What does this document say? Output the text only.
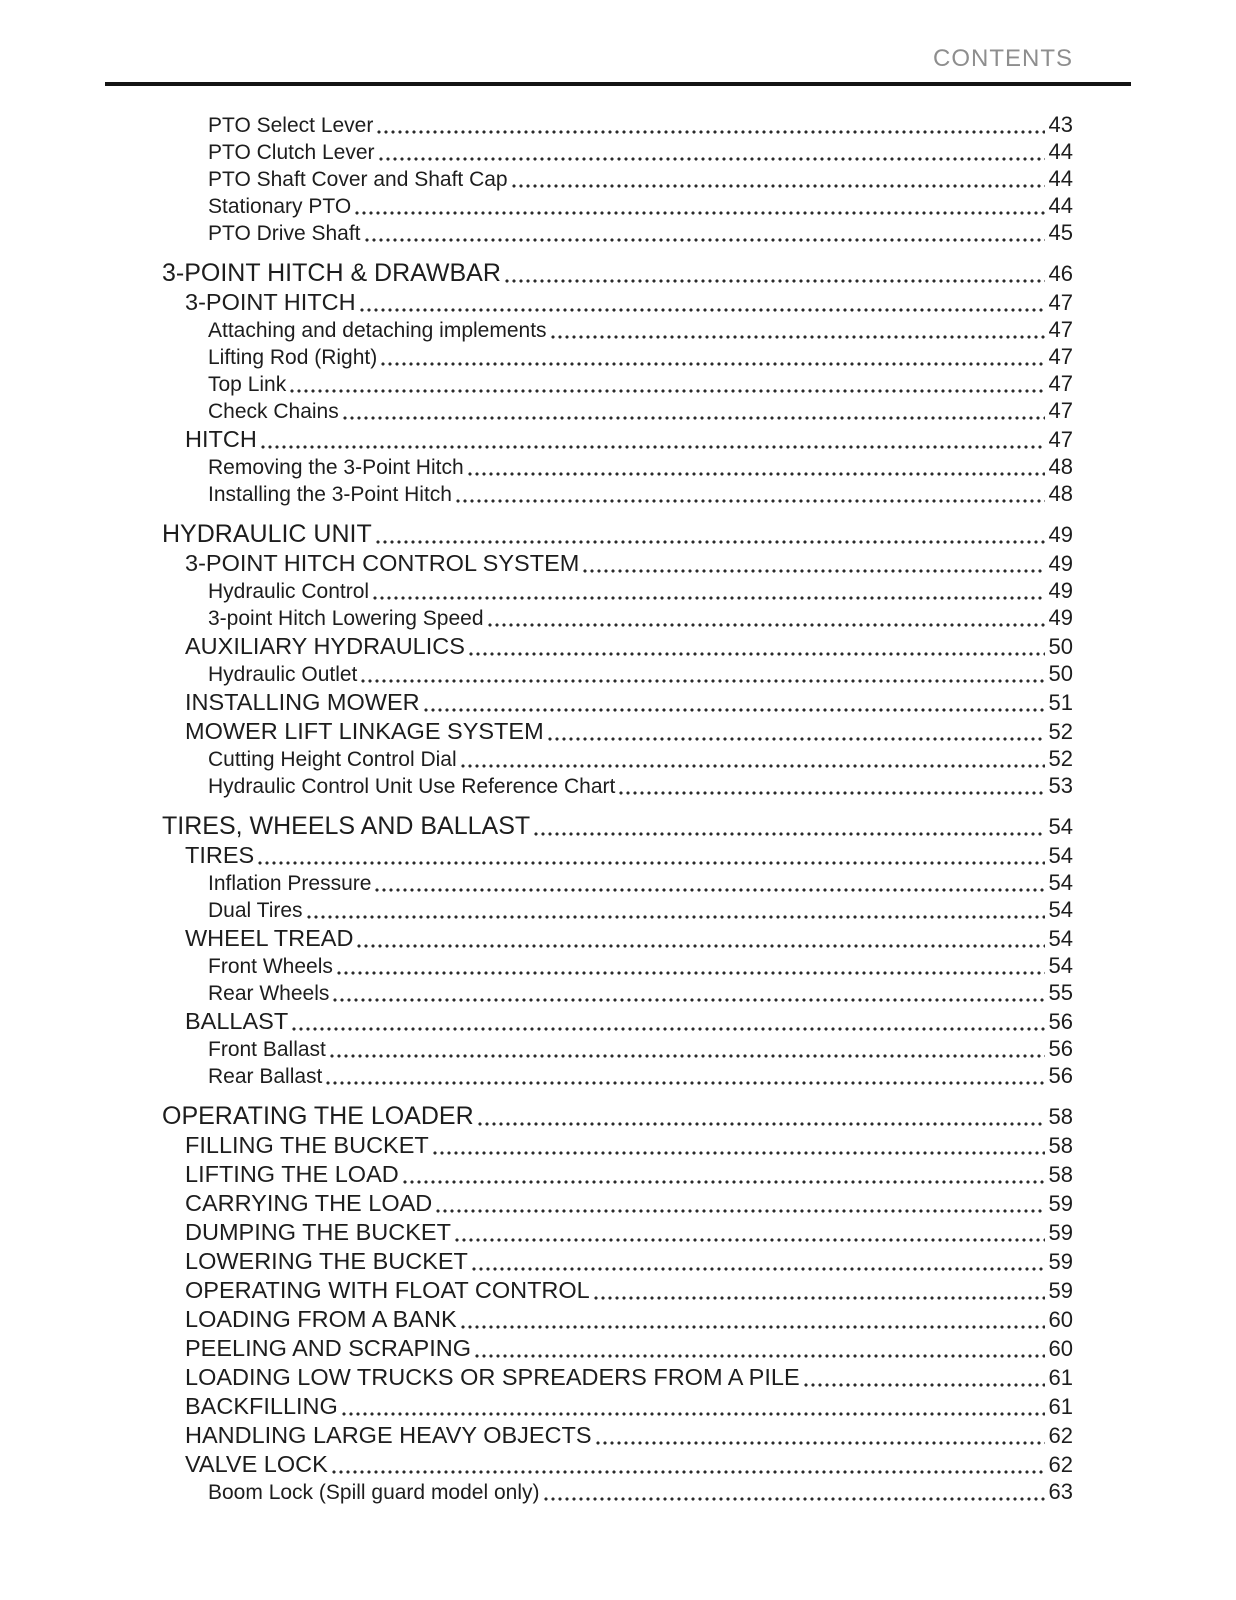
CONTENTS
PTO Select Lever	43
PTO Clutch Lever	44
PTO Shaft Cover and Shaft Cap	44
Stationary PTO	44
PTO Drive Shaft	45
3-POINT HITCH & DRAWBAR	46
3-POINT HITCH	47
Attaching and detaching implements	47
Lifting Rod (Right)	47
Top Link	47
Check Chains	47
HITCH	47
Removing the 3-Point Hitch	48
Installing the 3-Point Hitch	48
HYDRAULIC UNIT	49
3-POINT HITCH CONTROL SYSTEM	49
Hydraulic Control	49
3-point Hitch Lowering Speed	49
AUXILIARY HYDRAULICS	50
Hydraulic Outlet	50
INSTALLING MOWER	51
MOWER LIFT LINKAGE SYSTEM	52
Cutting Height Control Dial	52
Hydraulic Control Unit Use Reference Chart	53
TIRES, WHEELS AND BALLAST	54
TIRES	54
Inflation Pressure	54
Dual Tires	54
WHEEL TREAD	54
Front Wheels	54
Rear Wheels	55
BALLAST	56
Front Ballast	56
Rear Ballast	56
OPERATING THE LOADER	58
FILLING THE BUCKET	58
LIFTING THE LOAD	58
CARRYING THE LOAD	59
DUMPING THE BUCKET	59
LOWERING THE BUCKET	59
OPERATING WITH FLOAT CONTROL	59
LOADING FROM A BANK	60
PEELING AND SCRAPING	60
LOADING LOW TRUCKS OR SPREADERS FROM A PILE	61
BACKFILLING	61
HANDLING LARGE HEAVY OBJECTS	62
VALVE LOCK	62
Boom Lock (Spill guard model only)	63
